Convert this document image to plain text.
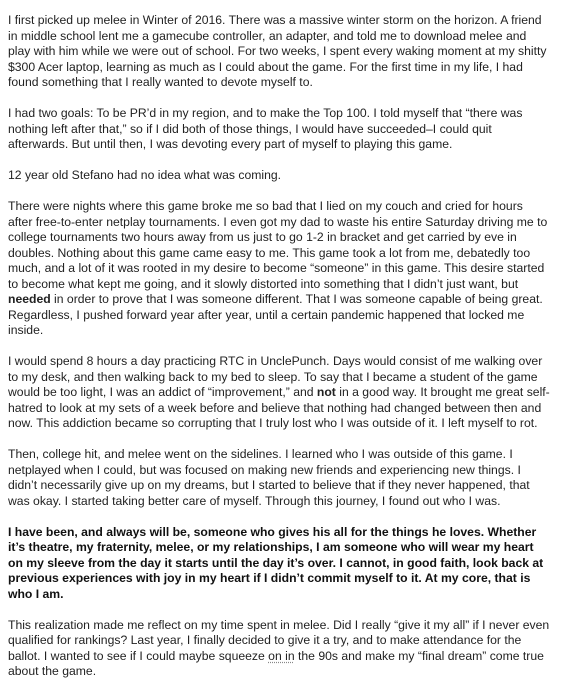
I first picked up melee in Winter of 2016. There was a massive winter storm on the horizon. A friend in middle school lent me a gamecube controller, an adapter, and told me to download melee and play with him while we were out of school. For two weeks, I spent every waking moment at my shitty $300 Acer laptop, learning as much as I could about the game. For the first time in my life, I had found something that I really wanted to devote myself to.

I had two goals: To be PR’d in my region, and to make the Top 100. I told myself that “there was nothing left after that,” so if I did both of those things, I would have succeeded–I could quit afterwards. But until then, I was devoting every part of myself to playing this game.

12 year old Stefano had no idea what was coming.

There were nights where this game broke me so bad that I lied on my couch and cried for hours after free-to-enter netplay tournaments. I even got my dad to waste his entire Saturday driving me to college tournaments two hours away from us just to go 1-2 in bracket and get carried by eve in doubles. Nothing about this game came easy to me. This game took a lot from me, debatedly too much, and a lot of it was rooted in my desire to become “someone” in this game. This desire started to become what kept me going, and it slowly distorted into something that I didn’t just want, but needed in order to prove that I was someone different. That I was someone capable of being great. Regardless, I pushed forward year after year, until a certain pandemic happened that locked me inside.

I would spend 8 hours a day practicing RTC in UnclePunch. Days would consist of me walking over to my desk, and then walking back to my bed to sleep. To say that I became a student of the game would be too light, I was an addict of “improvement,” and not in a good way. It brought me great self-hatred to look at my sets of a week before and believe that nothing had changed between then and now. This addiction became so corrupting that I truly lost who I was outside of it. I left myself to rot.

Then, college hit, and melee went on the sidelines. I learned who I was outside of this game. I netplayed when I could, but was focused on making new friends and experiencing new things. I didn’t necessarily give up on my dreams, but I started to believe that if they never happened, that was okay. I started taking better care of myself. Through this journey, I found out who I was.

I have been, and always will be, someone who gives his all for the things he loves. Whether it’s theatre, my fraternity, melee, or my relationships, I am someone who will wear my heart on my sleeve from the day it starts until the day it’s over. I cannot, in good faith, look back at previous experiences with joy in my heart if I didn’t commit myself to it. At my core, that is who I am.

This realization made me reflect on my time spent in melee. Did I really “give it my all” if I never even qualified for rankings? Last year, I finally decided to give it a try, and to make attendance for the ballot. I wanted to see if I could maybe squeeze on in the 90s and make my “final dream” come true about the game.
